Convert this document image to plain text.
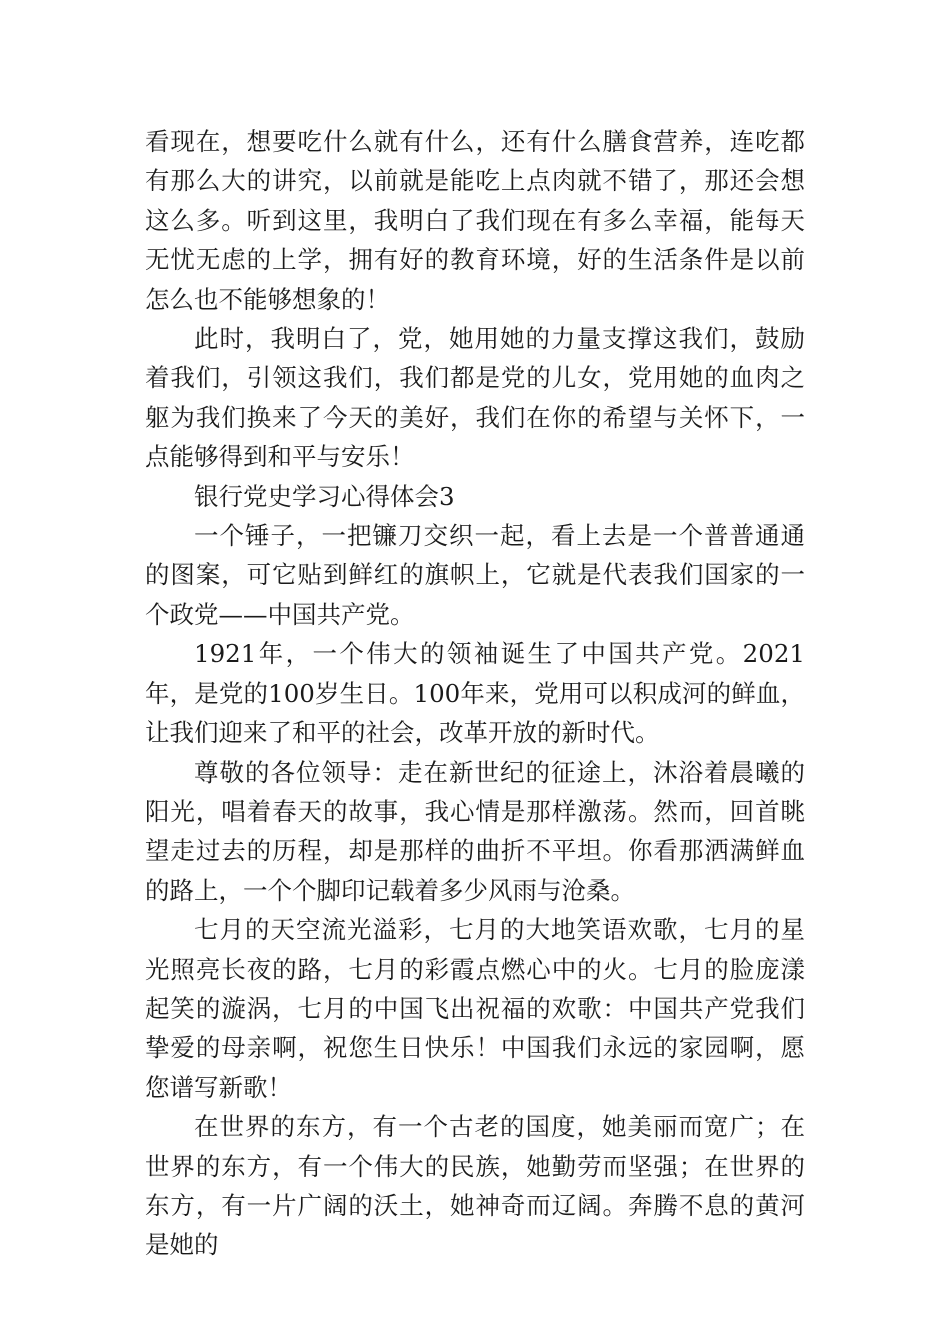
看现在，想要吃什么就有什么，还有什么膳食营养，连吃都有那么大的讲究，以前就是能吃上点肉就不错了，那还会想这么多。听到这里，我明白了我们现在有多么幸福，能每天无忧无虑的上学，拥有好的教育环境，好的生活条件是以前怎么也不能够想象的！

此时，我明白了，党，她用她的力量支撑这我们，鼓励着我们，引领这我们，我们都是党的儿女，党用她的血肉之躯为我们换来了今天的美好，我们在你的希望与关怀下，一点能够得到和平与安乐！

银行党史学习心得体会3

一个锤子，一把镰刀交织一起，看上去是一个普普通通的图案，可它贴到鲜红的旗帜上，它就是代表我们国家的一个政党——中国共产党。

1921年，一个伟大的领袖诞生了中国共产党。2021年，是党的100岁生日。100年来，党用可以积成河的鲜血，让我们迎来了和平的社会，改革开放的新时代。

尊敬的各位领导：走在新世纪的征途上，沐浴着晨曦的阳光，唱着春天的故事，我心情是那样激荡。然而，回首眺望走过去的历程，却是那样的曲折不平坦。你看那洒满鲜血的路上，一个个脚印记载着多少风雨与沧桑。

七月的天空流光溢彩，七月的大地笑语欢歌，七月的星光照亮长夜的路，七月的彩霞点燃心中的火。七月的脸庞漾起笑的漩涡，七月的中国飞出祝福的欢歌：中国共产党我们挚爱的母亲啊，祝您生日快乐！中国我们永远的家园啊，愿您谱写新歌！

在世界的东方，有一个古老的国度，她美丽而宽广；在世界的东方，有一个伟大的民族，她勤劳而坚强；在世界的东方，有一片广阔的沃土，她神奇而辽阔。奔腾不息的黄河是她的
